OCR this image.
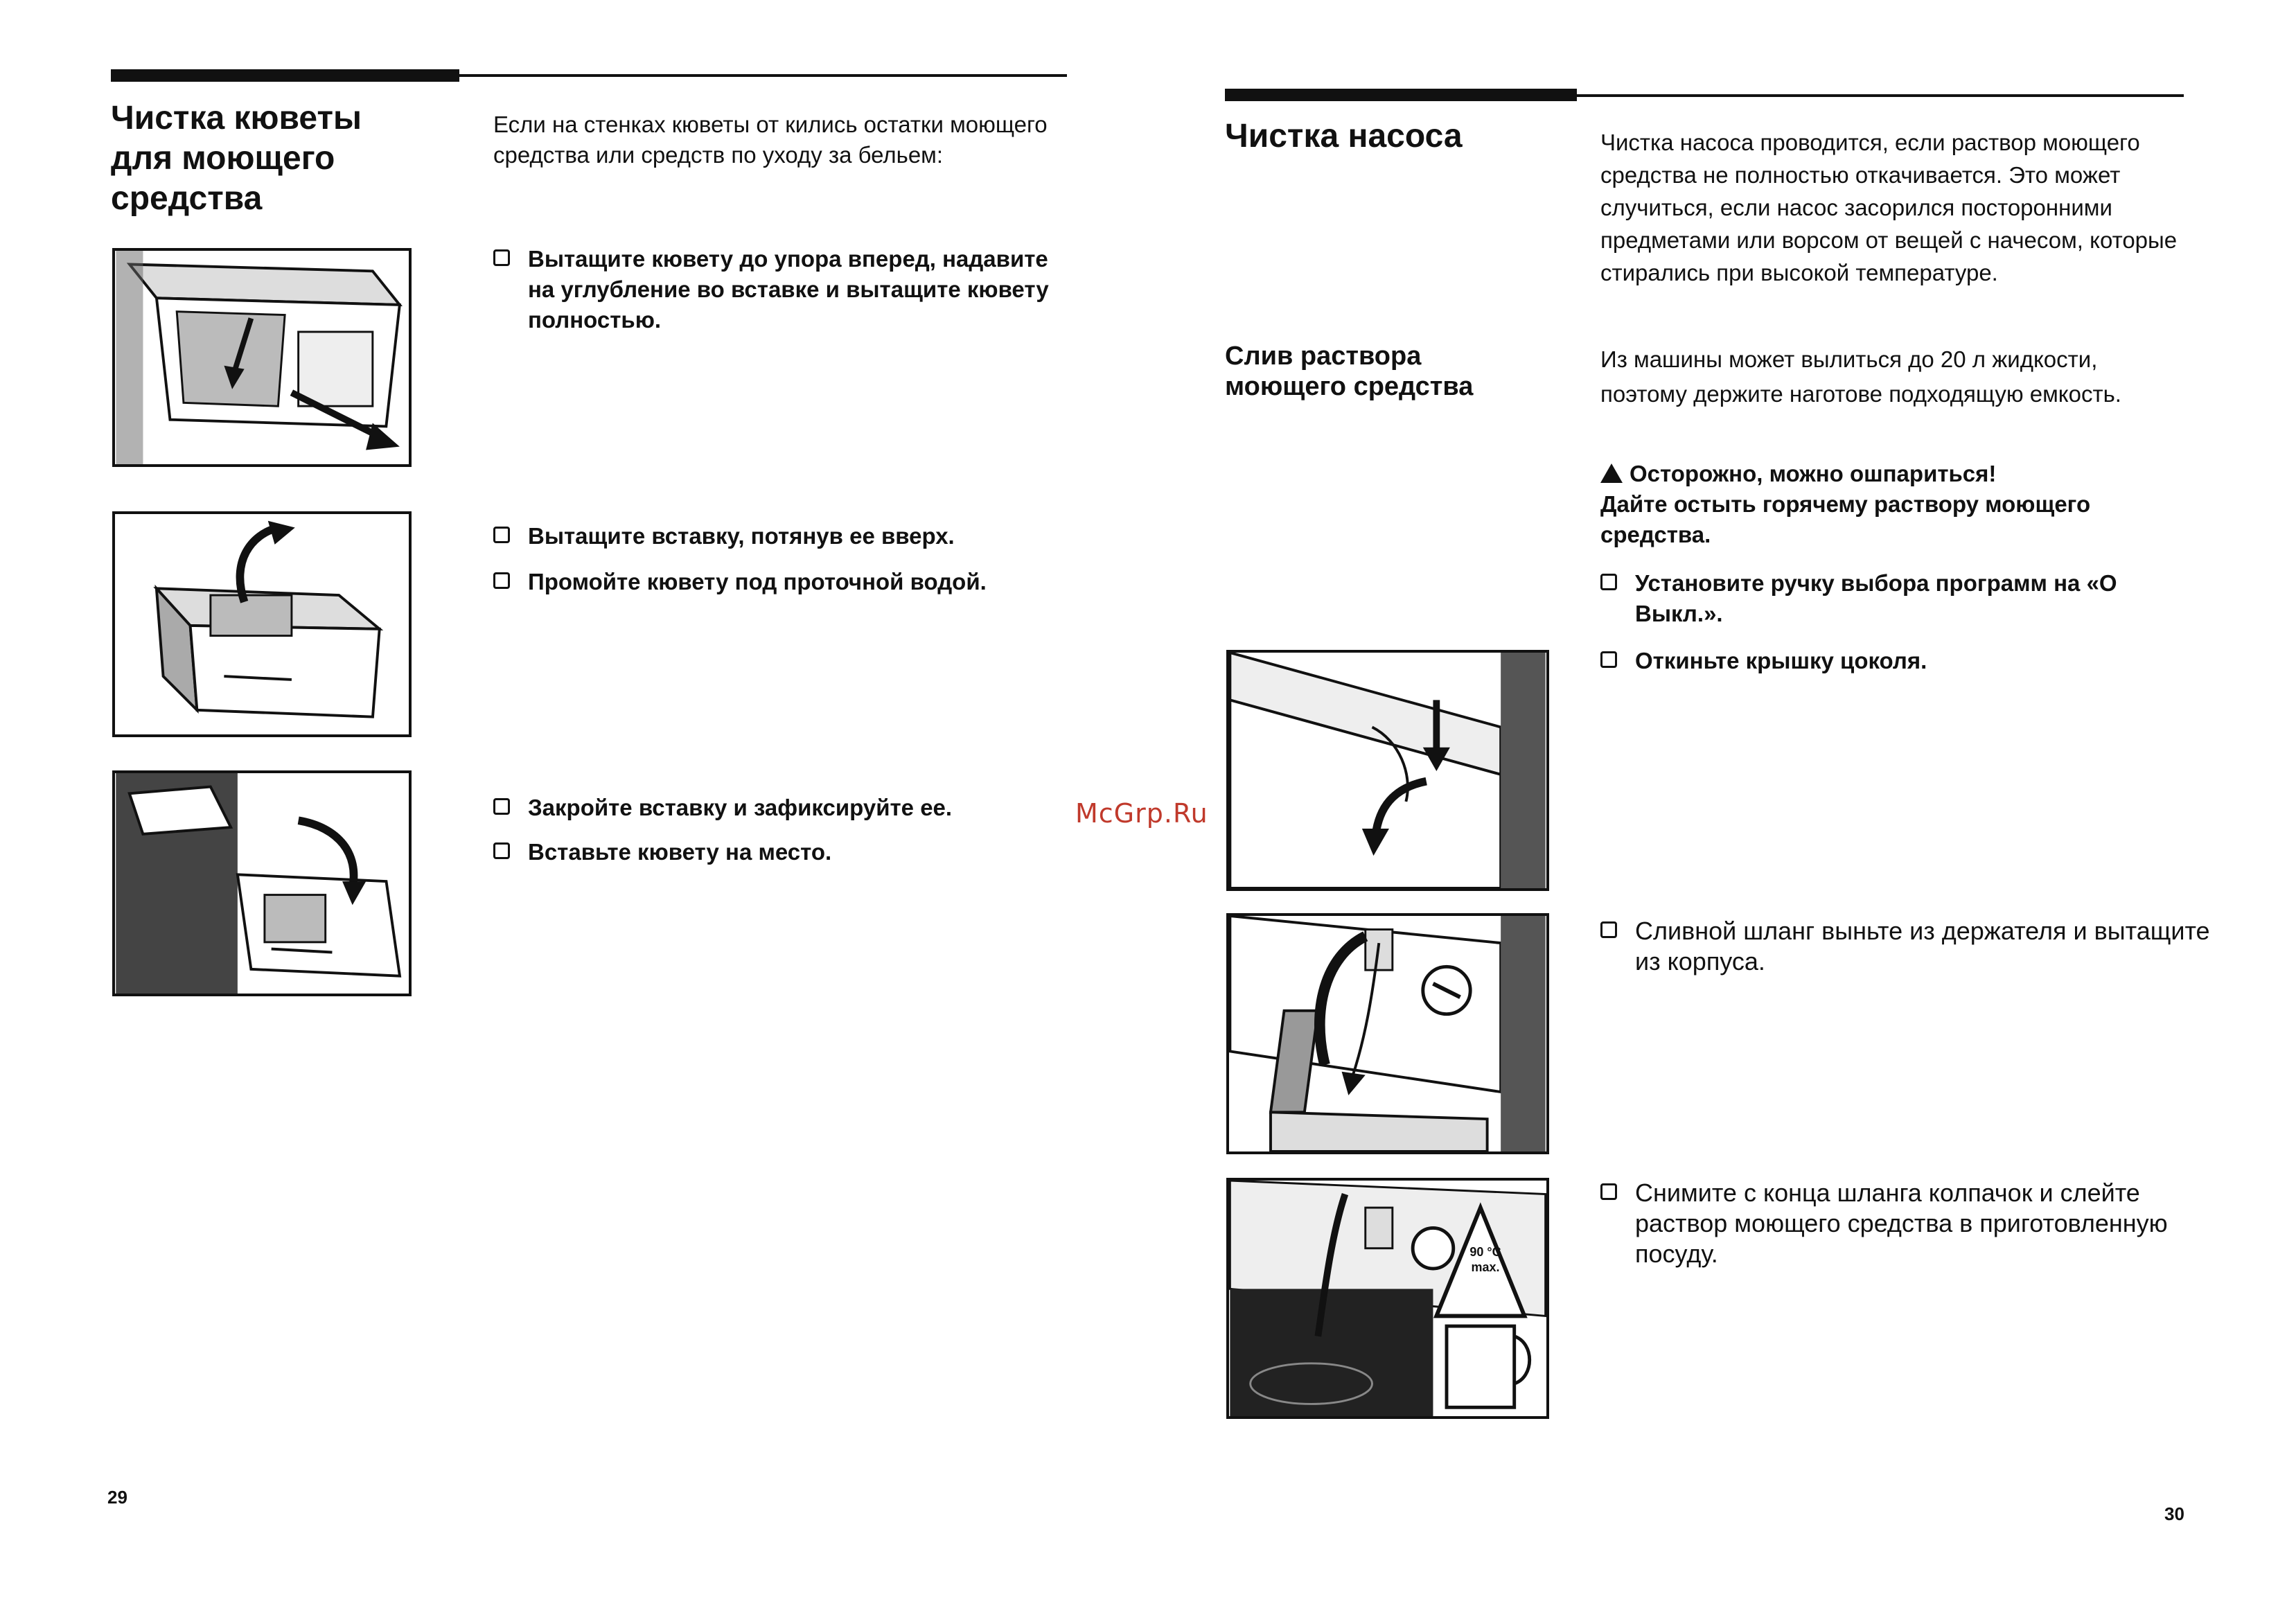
Чистка кюветы для моющего средства
Если на стенках кюветы от кились остатки моющего средства или средств по уходу за бельем:
Вытащите кювету до упора вперед, надавите на углубление во вставке и вытащите кювету полностью.
Вытащите вставку, потянув ее вверх.
Промойте кювету под проточной водой.
Закройте вставку и зафиксируйте ее.
Вставьте кювету на место.
29
McGrp.Ru
Чистка насоса	Чистка насоса проводится, если раствор моющего средства не полностью откачивается. Это может случиться, если насос засорился посторонними предметами или ворсом от вещей с начесом, которые стирались при высокой температуре.
Слив раствора моющего средства
Из машины может вылиться до 20 л жидкости, поэтому держите наготове подходящую емкость.
Осторожно, можно ошпариться!
Дайте остыть горячему раствору моющего средства.
Установите ручку выбора программ на «О Выкл.».
Откиньте крышку цоколя.
Сливной шланг выньте из держателя и вытащите из корпуса.
Снимите с конца шланга колпачок и слейте раствор моющего средства в приготовленную посуду.
90 °C max.
30
